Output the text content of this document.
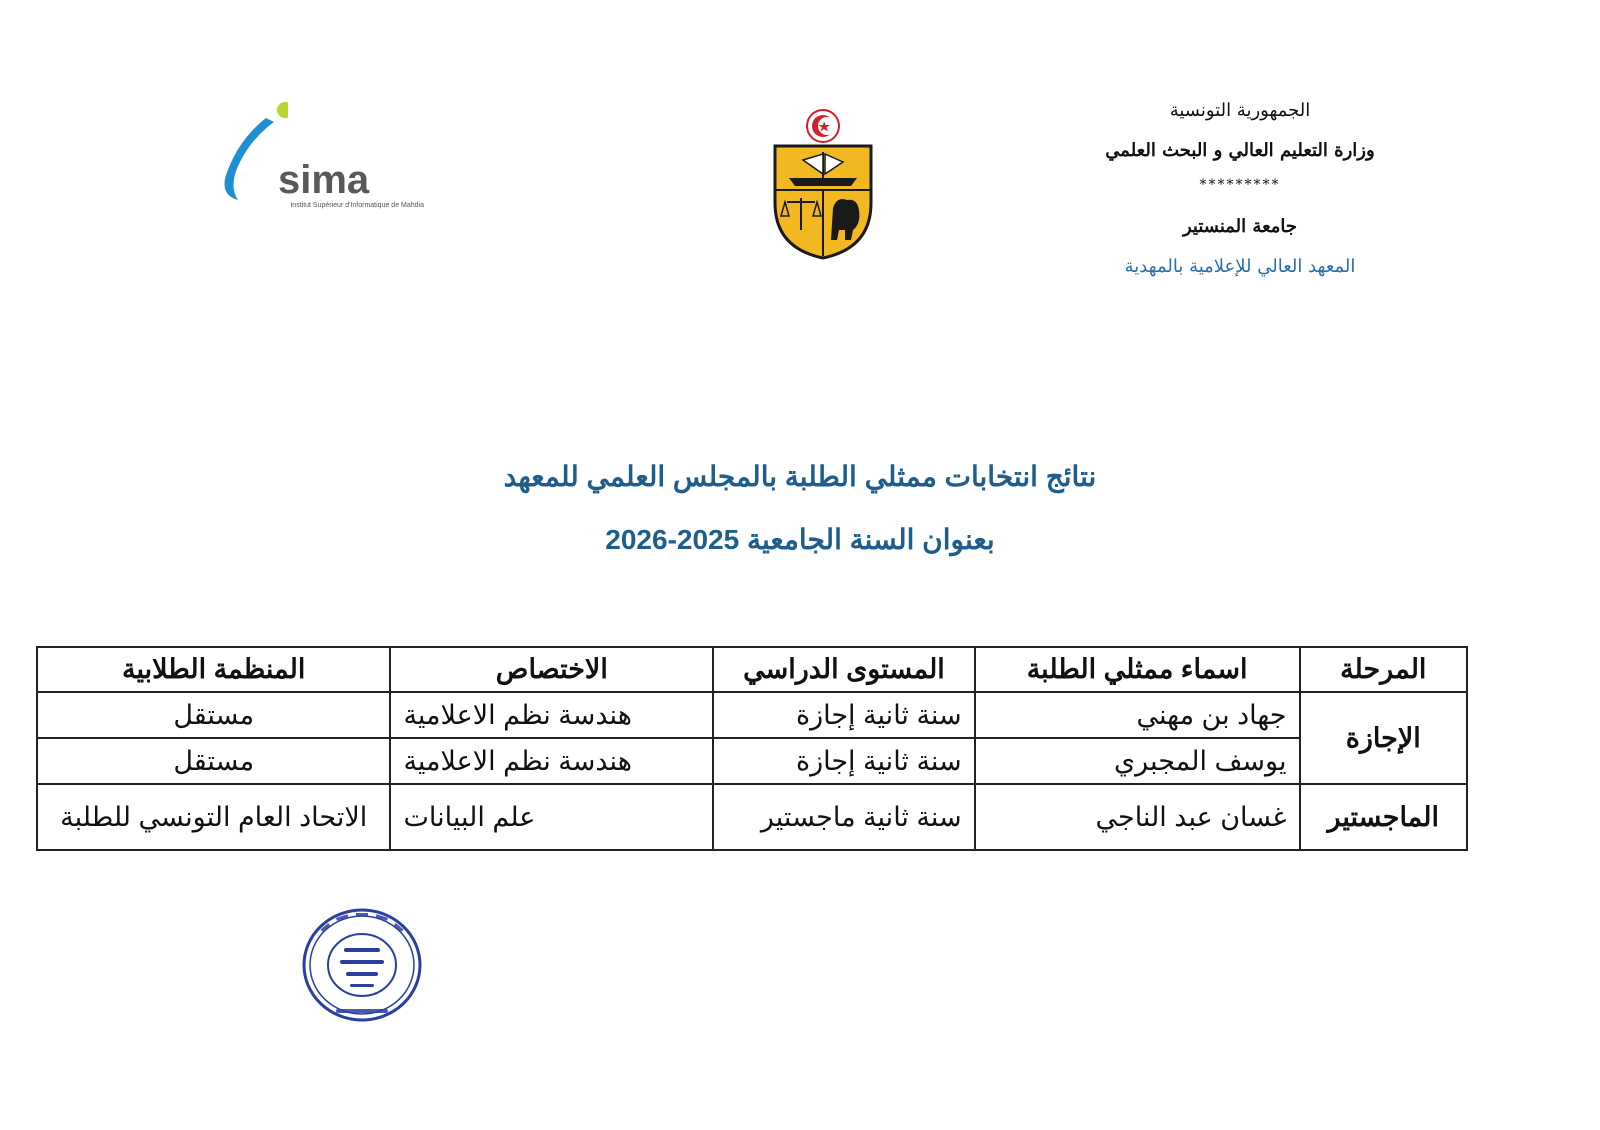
الجمهورية التونسية
وزارة التعليم العالي و البحث العلمي
*********
جامعة المنستير
المعهد العالي للإعلامية بالمهدية
sima
Institut Supérieur d'Informatique de Mahdia
نتائج انتخابات ممثلي الطلبة بالمجلس العلمي للمعهد
بعنوان السنة الجامعية 2025-2026
المرحلة	اسماء ممثلي الطلبة	المستوى الدراسي	الاختصاص	المنظمة الطلابية
الإجازة	جهاد بن مهني	سنة ثانية إجازة	هندسة نظم الاعلامية	مستقل
	يوسف المجبري	سنة ثانية إجازة	هندسة نظم الاعلامية	مستقل
الماجستير	غسان عبد الناجي	سنة ثانية ماجستير	علم البيانات	الاتحاد العام التونسي للطلبة
